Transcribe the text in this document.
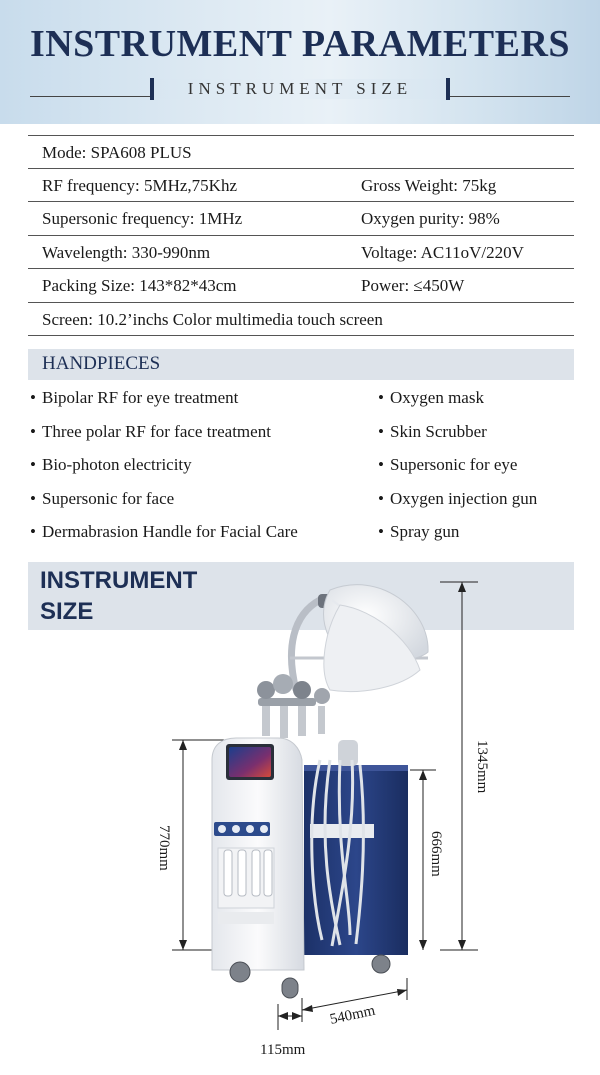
INSTRUMENT PARAMETERS
INSTRUMENT SIZE
Mode: SPA608 PLUS
RF frequency: 5MHz,75Khz	Gross Weight: 75kg
Supersonic frequency: 1MHz	Oxygen purity: 98%
Wavelength: 330-990nm	Voltage: AC11oV/220V
Packing Size: 143*82*43cm	Power: ≤450W
Screen: 10.2’inchs Color multimedia touch screen
HANDPIECES
• Bipolar RF for eye treatment
• Three polar RF for face treatment
• Bio-photon electricity
• Supersonic for face
• Dermabrasion Handle for Facial Care
• Oxygen mask
• Skin Scrubber
• Supersonic for eye
• Oxygen injection gun
• Spray gun
INSTRUMENT
SIZE
1345mm
770mm	666mm
540mm
115mm
